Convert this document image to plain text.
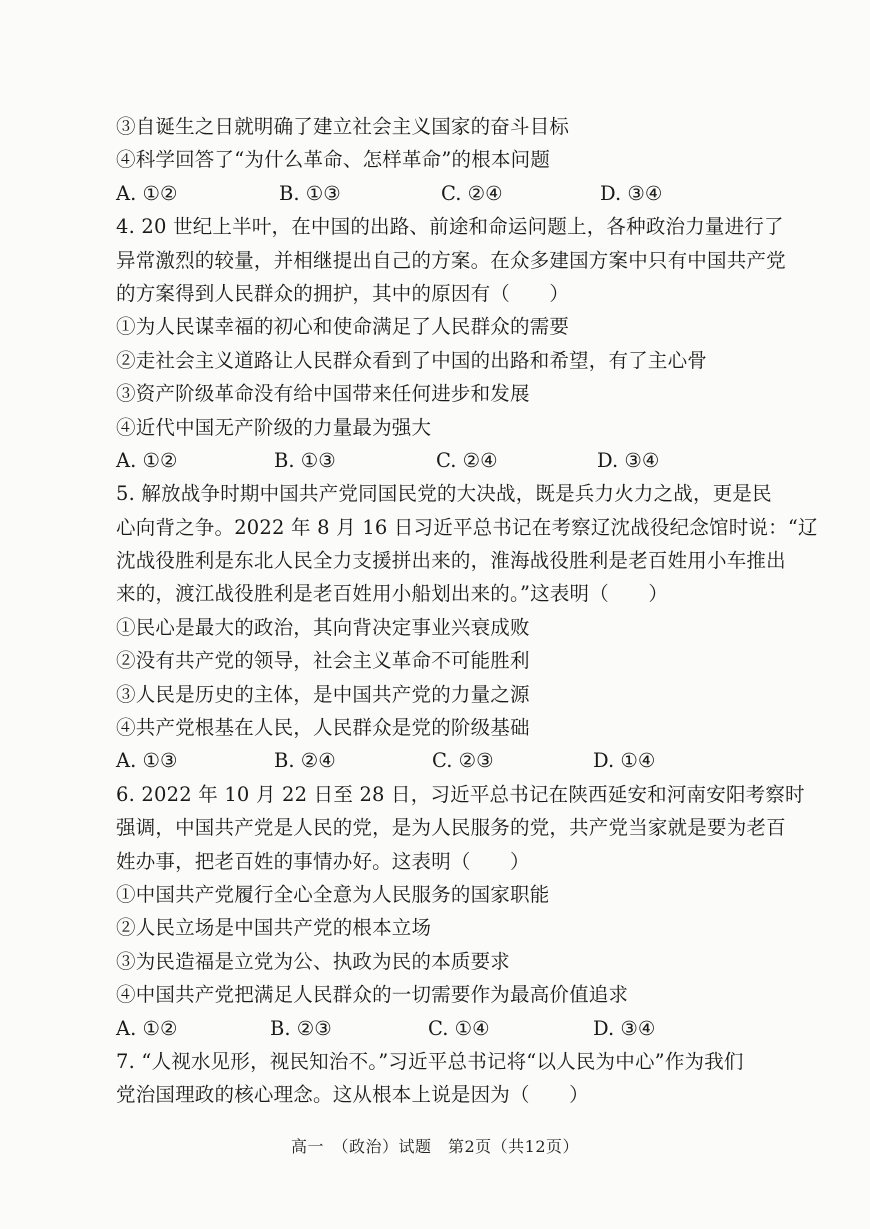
③自诞生之日就明确了建立社会主义国家的奋斗目标
④科学回答了“为什么革命、怎样革命”的根本问题
A. ①②	B. ①③	C. ②④	D. ③④
4. 20 世纪上半叶，在中国的出路、前途和命运问题上，各种政治力量进行了
异常激烈的较量，并相继提出自己的方案。在众多建国方案中只有中国共产党
的方案得到人民群众的拥护，其中的原因有（　　）
①为人民谋幸福的初心和使命满足了人民群众的需要
②走社会主义道路让人民群众看到了中国的出路和希望，有了主心骨
③资产阶级革命没有给中国带来任何进步和发展
④近代中国无产阶级的力量最为强大
A. ①②	B. ①③	C. ②④	D. ③④
5. 解放战争时期中国共产党同国民党的大决战，既是兵力火力之战，更是民
心向背之争。2022 年 8 月 16 日习近平总书记在考察辽沈战役纪念馆时说：“辽
沈战役胜利是东北人民全力支援拼出来的，淮海战役胜利是老百姓用小车推出
来的，渡江战役胜利是老百姓用小船划出来的。”这表明（　　）
①民心是最大的政治，其向背决定事业兴衰成败
②没有共产党的领导，社会主义革命不可能胜利
③人民是历史的主体，是中国共产党的力量之源
④共产党根基在人民，人民群众是党的阶级基础
A. ①③	B. ②④	C. ②③	D. ①④
6. 2022 年 10 月 22 日至 28 日，习近平总书记在陕西延安和河南安阳考察时
强调，中国共产党是人民的党，是为人民服务的党，共产党当家就是要为老百
姓办事，把老百姓的事情办好。这表明（　　）
①中国共产党履行全心全意为人民服务的国家职能
②人民立场是中国共产党的根本立场
③为民造福是立党为公、执政为民的本质要求
④中国共产党把满足人民群众的一切需要作为最高价值追求
A. ①②	B. ②③	C. ①④	D. ③④
7. “人视水见形，视民知治不。”习近平总书记将“以人民为中心”作为我们
党治国理政的核心理念。这从根本上说是因为（　　）
高一　（政治）试题　第2页（共12页）
